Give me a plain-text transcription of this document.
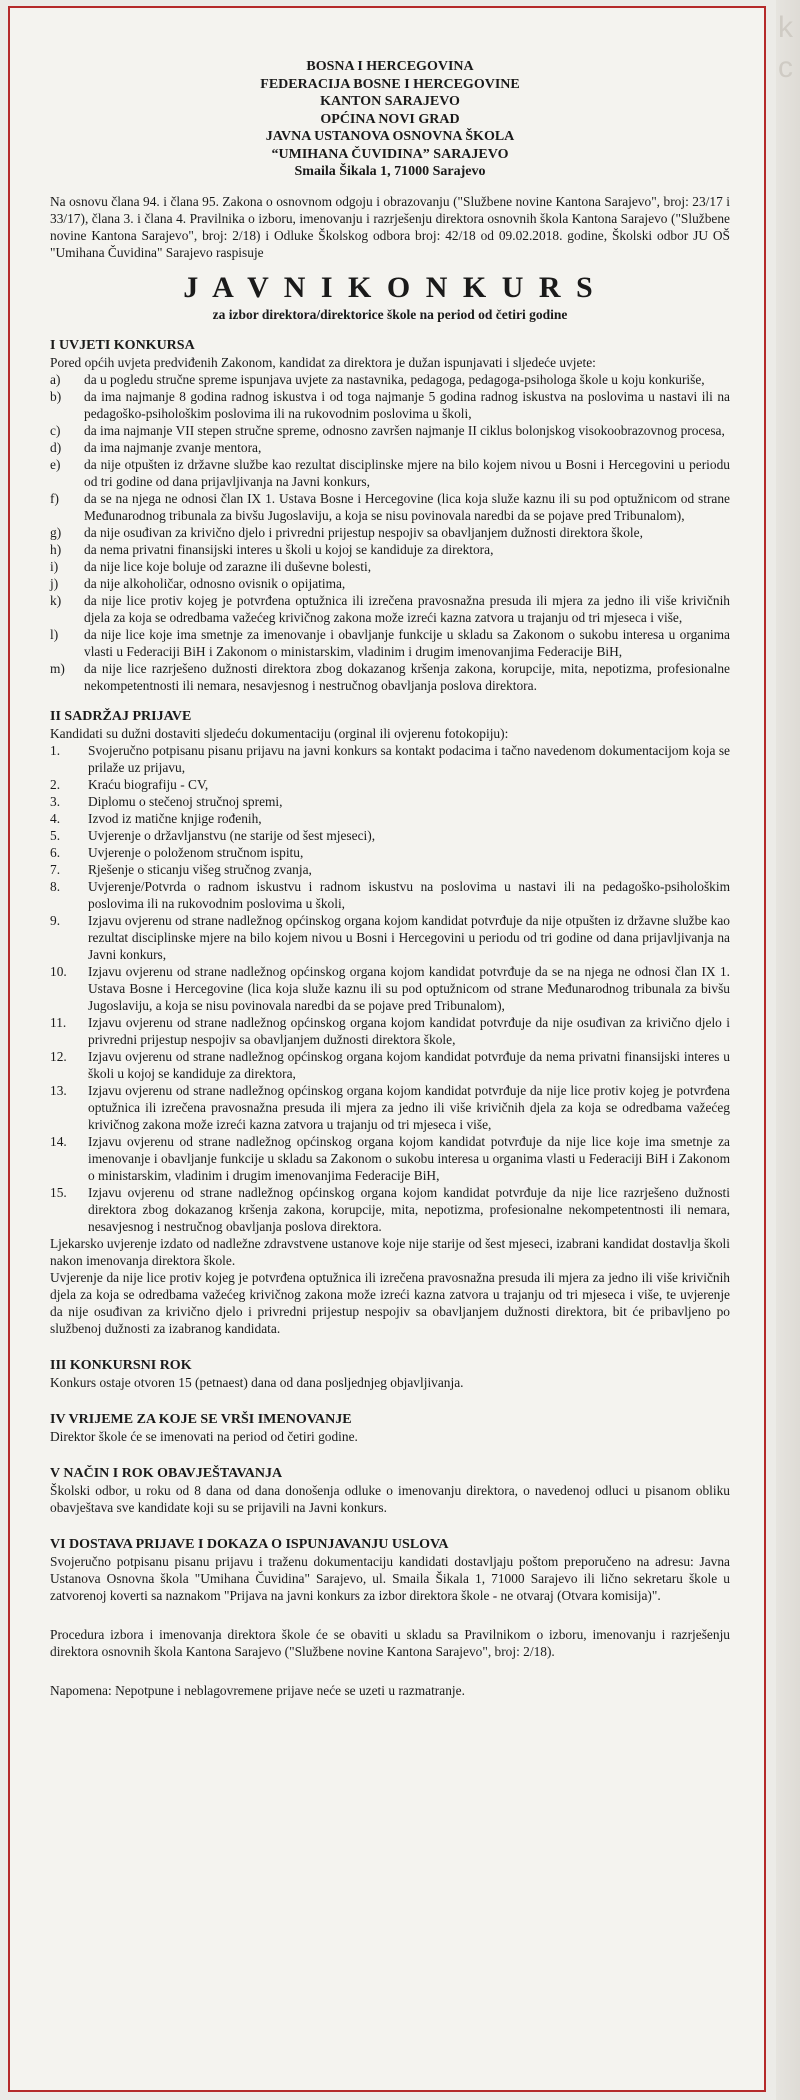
k
c
BOSNA I HERCEGOVINA
FEDERACIJA BOSNE I HERCEGOVINE
KANTON SARAJEVO
OPĆINA NOVI GRAD
JAVNA USTANOVA OSNOVNA ŠKOLA
“UMIHANA ČUVIDINA” SARAJEVO
Smaila Šikala 1, 71000 Sarajevo
Na osnovu člana 94. i člana 95. Zakona o osnovnom odgoju i obrazovanju ("Službene novine Kantona Sarajevo", broj: 23/17 i 33/17), člana 3. i člana 4. Pravilnika o izboru, imenovanju i razrješenju direktora osnovnih škola Kantona Sarajevo ("Službene novine Kantona Sarajevo", broj: 2/18) i Odluke Školskog odbora broj: 42/18 od 09.02.2018. godine, Školski odbor JU OŠ "Umihana Čuvidina" Sarajevo raspisuje
J A V N I K O N K U R S
za izbor direktora/direktorice škole na period od četiri godine
I UVJETI KONKURSA
Pored općih uvjeta predviđenih Zakonom, kandidat za direktora je dužan ispunjavati i sljedeće uvjete:
a)	da u pogledu stručne spreme ispunjava uvjete za nastavnika, pedagoga, pedagoga-psihologa škole u koju konkuriše,
b)	da ima najmanje 8 godina radnog iskustva i od toga najmanje 5 godina radnog iskustva na poslovima u nastavi ili na pedagoško-psihološkim poslovima ili na rukovodnim poslovima u školi,
c)	da ima najmanje VII stepen stručne spreme, odnosno završen najmanje II ciklus bolonjskog visokoobrazovnog procesa,
d)	da ima najmanje zvanje mentora,
e)	da nije otpušten iz državne službe kao rezultat disciplinske mjere na bilo kojem nivou u Bosni i Hercegovini u periodu od tri godine od dana prijavljivanja na Javni konkurs,
f)	da se na njega ne odnosi član IX 1. Ustava Bosne i Hercegovine (lica koja služe kaznu ili su pod optužnicom od strane Međunarodnog tribunala za bivšu Jugoslaviju, a koja se nisu povinovala naredbi da se pojave pred Tribunalom),
g)	da nije osuđivan za krivično djelo i privredni prijestup nespojiv sa obavljanjem dužnosti direktora škole,
h)	da nema privatni finansijski interes u školi u kojoj se kandiduje za direktora,
i)	da nije lice koje boluje od zarazne ili duševne bolesti,
j)	da nije alkoholičar, odnosno ovisnik o opijatima,
k)	da nije lice protiv kojeg je potvrđena optužnica ili izrečena pravosnažna presuda ili mjera za jedno ili više krivičnih djela za koja se odredbama važećeg krivičnog zakona može izreći kazna zatvora u trajanju od tri mjeseca i više,
l)	da nije lice koje ima smetnje za imenovanje i obavljanje funkcije u skladu sa Zakonom o sukobu interesa u organima vlasti u Federaciji BiH i Zakonom o ministarskim, vladinim i drugim imenovanjima Federacije BiH,
m)	da nije lice razrješeno dužnosti direktora zbog dokazanog kršenja zakona, korupcije, mita, nepotizma, profesionalne nekompetentnosti ili nemara, nesavjesnog i nestručnog obavljanja poslova direktora.
II SADRŽAJ PRIJAVE
Kandidati su dužni dostaviti sljedeću dokumentaciju (orginal ili ovjerenu fotokopiju):
1.	Svojeručno potpisanu pisanu prijavu na javni konkurs sa kontakt podacima i tačno navedenom dokumentacijom koja se prilaže uz prijavu,
2.	Kraću biografiju - CV,
3.	Diplomu o stečenoj stručnoj spremi,
4.	Izvod iz matične knjige rođenih,
5.	Uvjerenje o državljanstvu (ne starije od šest mjeseci),
6.	Uvjerenje o položenom stručnom ispitu,
7.	Rješenje o sticanju višeg stručnog zvanja,
8.	Uvjerenje/Potvrda o radnom iskustvu i radnom iskustvu na poslovima u nastavi ili na pedagoško-psihološkim poslovima ili na rukovodnim poslovima u školi,
9.	Izjavu ovjerenu od strane nadležnog općinskog organa kojom kandidat potvrđuje da nije otpušten iz državne službe kao rezultat disciplinske mjere na bilo kojem nivou u Bosni i Hercegovini u periodu od tri godine od dana prijavljivanja na Javni konkurs,
10.	Izjavu ovjerenu od strane nadležnog općinskog organa kojom kandidat potvrđuje da se na njega ne odnosi član IX 1. Ustava Bosne i Hercegovine (lica koja služe kaznu ili su pod optužnicom od strane Međunarodnog tribunala za bivšu Jugoslaviju, a koja se nisu povinovala naredbi da se pojave pred Tribunalom),
11.	Izjavu ovjerenu od strane nadležnog općinskog organa kojom kandidat potvrđuje da nije osuđivan za krivično djelo i privredni prijestup nespojiv sa obavljanjem dužnosti direktora škole,
12.	Izjavu ovjerenu od strane nadležnog općinskog organa kojom kandidat potvrđuje da nema privatni finansijski interes u školi u kojoj se kandiduje za direktora,
13.	Izjavu ovjerenu od strane nadležnog općinskog organa kojom kandidat potvrđuje da nije lice protiv kojeg je potvrđena optužnica ili izrečena pravosnažna presuda ili mjera za jedno ili više krivičnih djela za koja se odredbama važećeg krivičnog zakona može izreći kazna zatvora u trajanju od tri mjeseca i više,
14.	Izjavu ovjerenu od strane nadležnog općinskog organa kojom kandidat potvrđuje da nije lice koje ima smetnje za imenovanje i obavljanje funkcije u skladu sa Zakonom o sukobu interesa u organima vlasti u Federaciji BiH i Zakonom o ministarskim, vladinim i drugim imenovanjima Federacije BiH,
15.	Izjavu ovjerenu od strane nadležnog općinskog organa kojom kandidat potvrđuje da nije lice razrješeno dužnosti direktora zbog dokazanog kršenja zakona, korupcije, mita, nepotizma, profesionalne nekompetentnosti ili nemara, nesavjesnog i nestručnog obavljanja poslova direktora.
Ljekarsko uvjerenje izdato od nadležne zdravstvene ustanove koje nije starije od šest mjeseci, izabrani kandidat dostavlja školi nakon imenovanja direktora škole.
Uvjerenje da nije lice protiv kojeg je potvrđena optužnica ili izrečena pravosnažna presuda ili mjera za jedno ili više krivičnih djela za koja se odredbama važećeg krivičnog zakona može izreći kazna zatvora u trajanju od tri mjeseca i više, te uvjerenje da nije osuđivan za krivično djelo i privredni prijestup nespojiv sa obavljanjem dužnosti direktora, bit će pribavljeno po službenoj dužnosti za izabranog kandidata.
III KONKURSNI ROK
Konkurs ostaje otvoren 15 (petnaest) dana od dana posljednjeg objavljivanja.
IV VRIJEME ZA KOJE SE VRŠI IMENOVANJE
Direktor škole će se imenovati na period od četiri godine.
V NAČIN I ROK OBAVJEŠTAVANJA
Školski odbor, u roku od 8 dana od dana donošenja odluke o imenovanju direktora, o navedenoj odluci u pisanom obliku obavještava sve kandidate koji su se prijavili na Javni konkurs.
VI DOSTAVA PRIJAVE I DOKAZA O ISPUNJAVANJU USLOVA
Svojeručno potpisanu pisanu prijavu i traženu dokumentaciju kandidati dostavljaju poštom preporučeno na adresu: Javna Ustanova Osnovna škola "Umihana Čuvidina" Sarajevo, ul. Smaila Šikala 1, 71000 Sarajevo ili lično sekretaru škole u zatvorenoj koverti sa naznakom "Prijava na javni konkurs za izbor direktora škole - ne otvaraj (Otvara komisija)".
Procedura izbora i imenovanja direktora škole će se obaviti u skladu sa Pravilnikom o izboru, imenovanju i razrješenju direktora osnovnih škola Kantona Sarajevo ("Službene novine Kantona Sarajevo", broj: 2/18).
Napomena: Nepotpune i neblagovremene prijave neće se uzeti u razmatranje.
